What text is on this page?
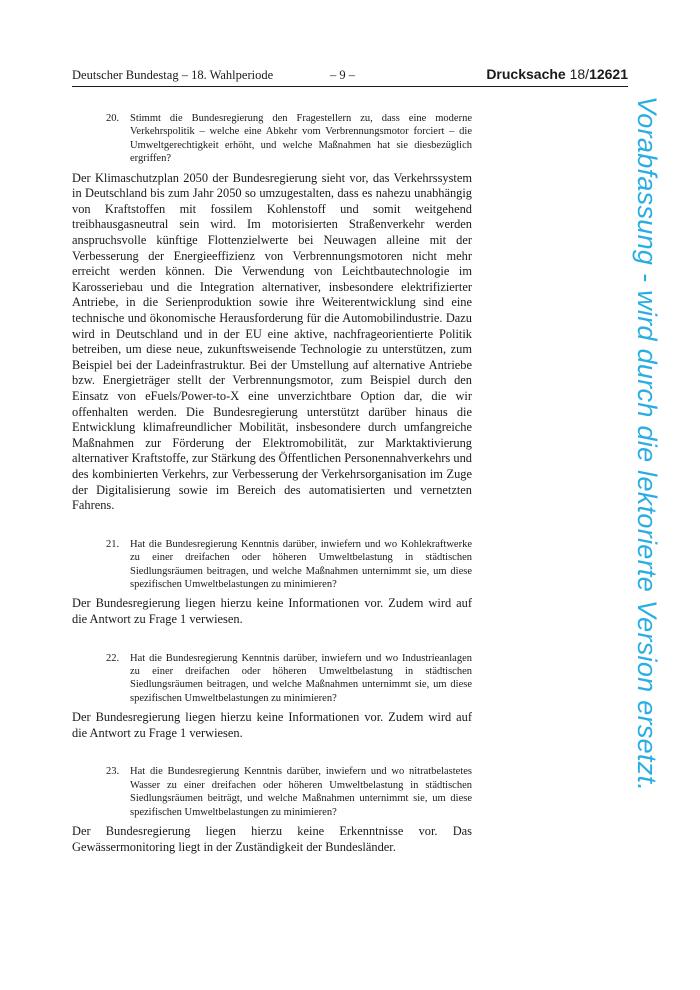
Deutscher Bundestag – 18. Wahlperiode	– 9 –	Drucksache 18/12621
20. Stimmt die Bundesregierung den Fragestellern zu, dass eine moderne Verkehrspolitik – welche eine Abkehr vom Verbrennungsmotor forciert – die Umweltgerechtigkeit erhöht, und welche Maßnahmen hat sie diesbezüglich ergriffen?
Der Klimaschutzplan 2050 der Bundesregierung sieht vor, das Verkehrssystem in Deutschland bis zum Jahr 2050 so umzugestalten, dass es nahezu unabhängig von Kraftstoffen mit fossilem Kohlenstoff und somit weitgehend treibhausgasneutral sein wird. Im motorisierten Straßenverkehr werden anspruchsvolle künftige Flottenzielwerte bei Neuwagen alleine mit der Verbesserung der Energieeffizienz von Verbrennungsmotoren nicht mehr erreicht werden können. Die Verwendung von Leichtbautechnologie im Karosseriebau und die Integration alternativer, insbesondere elektrifizierter Antriebe, in die Serienproduktion sowie ihre Weiterentwicklung sind eine technische und ökonomische Herausforderung für die Automobilindustrie. Dazu wird in Deutschland und in der EU eine aktive, nachfrageorientierte Politik betreiben, um diese neue, zukunftsweisende Technologie zu unterstützen, zum Beispiel bei der Ladeinfrastruktur. Bei der Umstellung auf alternative Antriebe bzw. Energieträger stellt der Verbrennungsmotor, zum Beispiel durch den Einsatz von eFuels/Power-to-X eine unverzichtbare Option dar, die wir offenhalten werden. Die Bundesregierung unterstützt darüber hinaus die Entwicklung klimafreundlicher Mobilität, insbesondere durch umfangreiche Maßnahmen zur Förderung der Elektromobilität, zur Marktaktivierung alternativer Kraftstoffe, zur Stärkung des Öffentlichen Personennahverkehrs und des kombinierten Verkehrs, zur Verbesserung der Verkehrsorganisation im Zuge der Digitalisierung sowie im Bereich des automatisierten und vernetzten Fahrens.
21. Hat die Bundesregierung Kenntnis darüber, inwiefern und wo Kohlekraftwerke zu einer dreifachen oder höheren Umweltbelastung in städtischen Siedlungsräumen beitragen, und welche Maßnahmen unternimmt sie, um diese spezifischen Umweltbelastungen zu minimieren?
Der Bundesregierung liegen hierzu keine Informationen vor. Zudem wird auf die Antwort zu Frage 1 verwiesen.
22. Hat die Bundesregierung Kenntnis darüber, inwiefern und wo Industrieanlagen zu einer dreifachen oder höheren Umweltbelastung in städtischen Siedlungsräumen beitragen, und welche Maßnahmen unternimmt sie, um diese spezifischen Umweltbelastungen zu minimieren?
Der Bundesregierung liegen hierzu keine Informationen vor. Zudem wird auf die Antwort zu Frage 1 verwiesen.
23. Hat die Bundesregierung Kenntnis darüber, inwiefern und wo nitratbelastetes Wasser zu einer dreifachen oder höheren Umweltbelastung in städtischen Siedlungsräumen beiträgt, und welche Maßnahmen unternimmt sie, um diese spezifischen Umweltbelastungen zu minimieren?
Der Bundesregierung liegen hierzu keine Erkenntnisse vor. Das Gewässermonitoring liegt in der Zuständigkeit der Bundesländer.
Vorabfassung - wird durch die lektorierte Version ersetzt.
